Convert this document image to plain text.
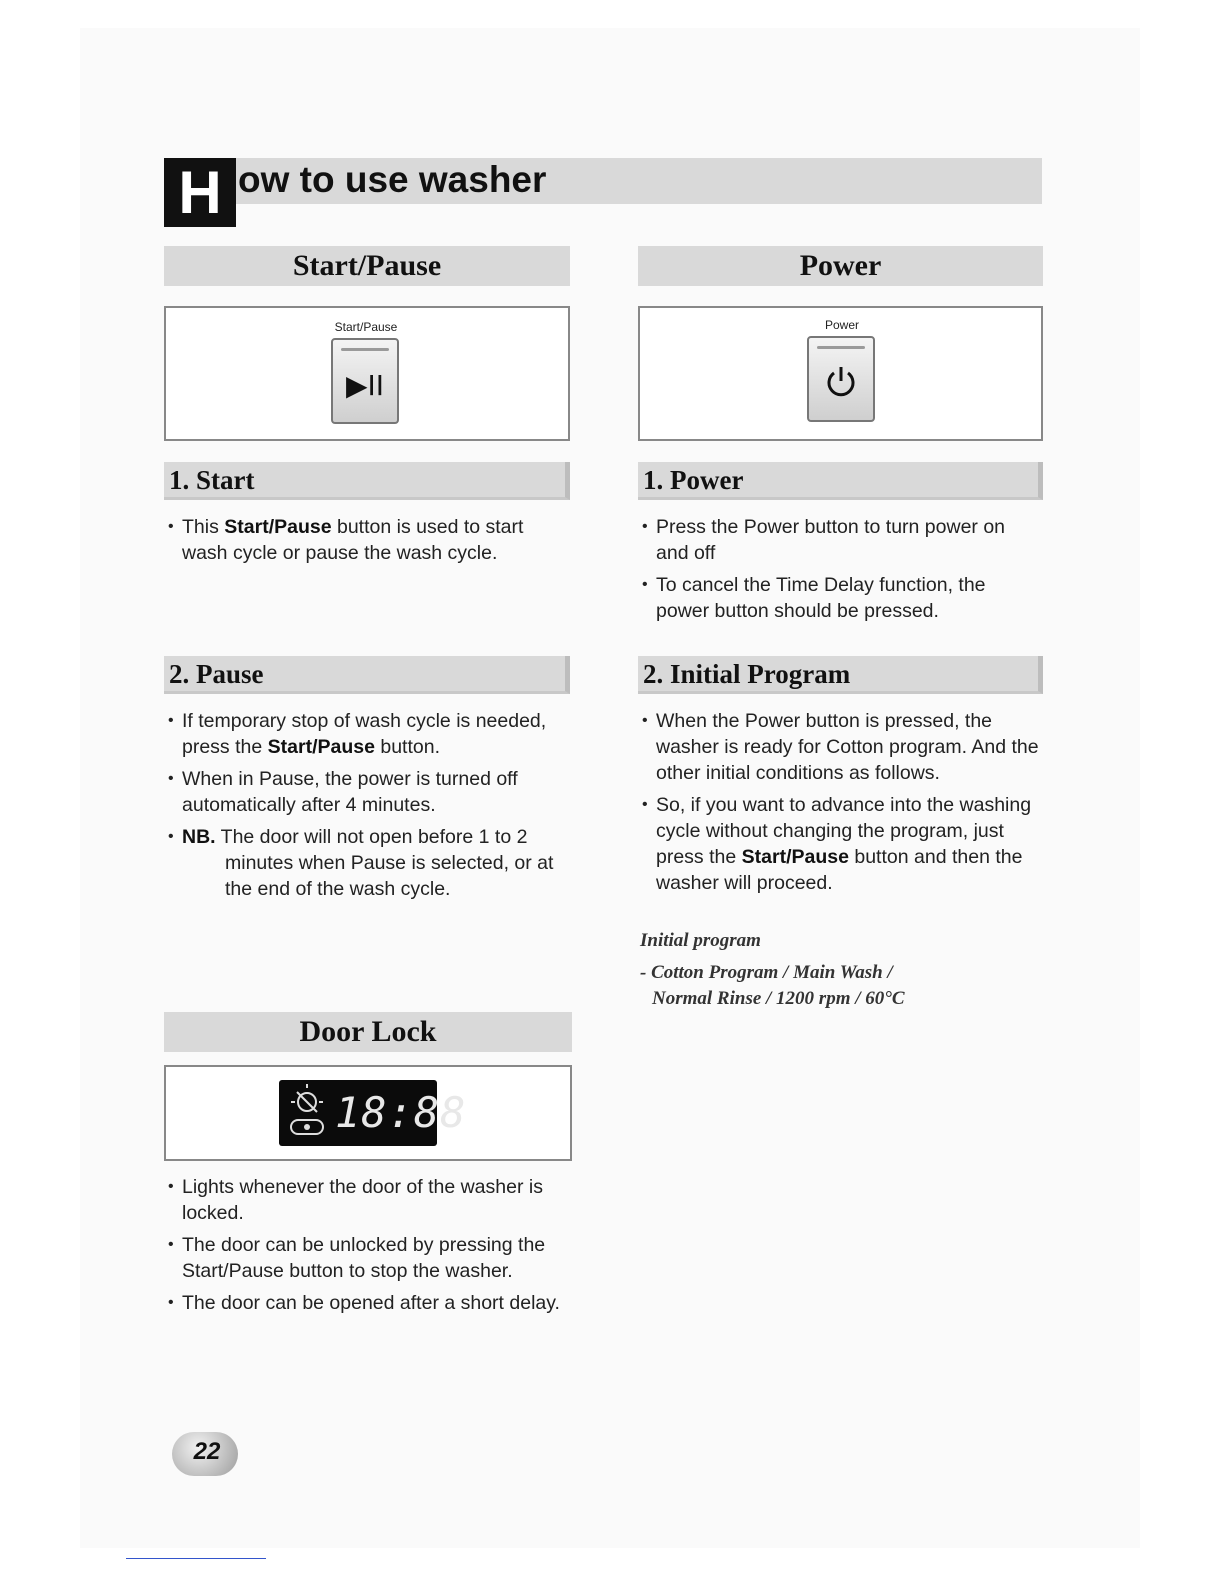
H ow to use washer
Start/Pause
Start/Pause
▶II
1. Start
• This Start/Pause button is used to start wash cycle or pause the wash cycle.
2. Pause
• If temporary stop of wash cycle is needed, press the Start/Pause button.
• When in Pause, the power is turned off automatically after 4 minutes.
• NB. The door will not open before 1 to 2
minutes when Pause is selected, or at the end of the wash cycle.
Door Lock
18:88
• Lights whenever the door of the washer is locked.
• The door can be unlocked by pressing the Start/Pause button to stop the washer.
• The door can be opened after a short delay.
Power
Power
1. Power
• Press the Power button to turn power on and off
• To cancel the Time Delay function, the power button should be pressed.
2. Initial Program
• When the Power button is pressed, the washer is ready for Cotton program. And the other initial conditions as follows.
• So, if you want to advance into the washing cycle without changing the program, just press the Start/Pause button and then the washer will proceed.
Initial program
- Cotton Program / Main Wash /
Normal Rinse / 1200 rpm / 60°C
22
